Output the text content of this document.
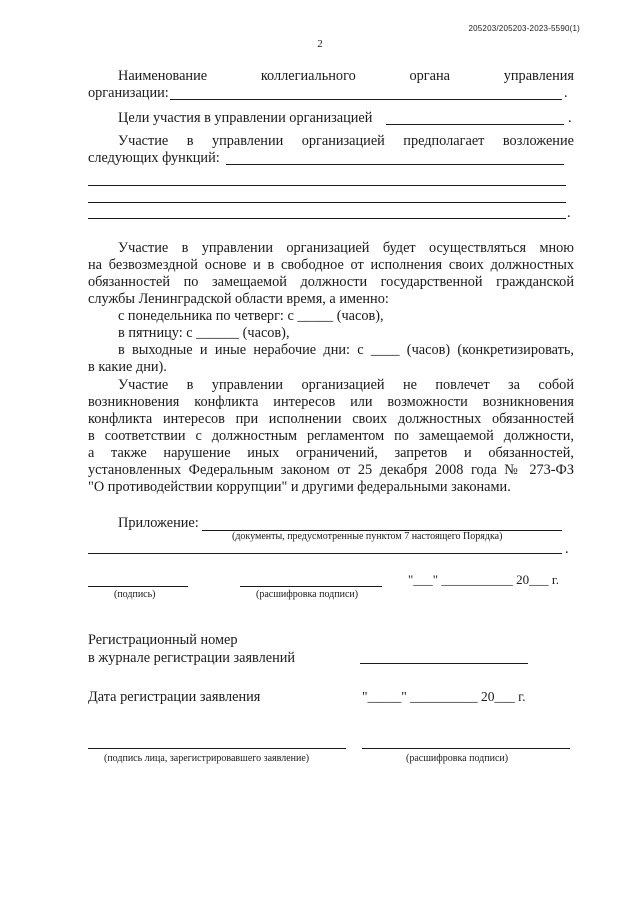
205203/205203-2023-5590(1)
2
Наименование	коллегиального	органа	управления
организации:	.
Цели участия в управлении организацией	.
Участие в управлении организацией предполагает возложение
следующих функций:
.
Участие в управлении организацией будет осуществляться мною
на безвозмездной основе и в свободное от исполнения своих должностных
обязанностей по замещаемой должности государственной гражданской
службы Ленинградской области время, а именно:
с понедельника по четверг: с _____ (часов),
в пятницу: с ______ (часов),
в выходные и иные нерабочие дни: с ____ (часов) (конкретизировать,
в какие дни).
Участие в управлении организацией не повлечет за собой
возникновения конфликта интересов или возможности возникновения
конфликта интересов при исполнении своих должностных обязанностей
в соответствии с должностным регламентом по замещаемой должности,
а также нарушение иных ограничений, запретов и обязанностей,
установленных Федеральным законом от 25 декабря 2008 года № 273-ФЗ
"О противодействии коррупции" и другими федеральными законами.
Приложение:
(документы, предусмотренные пунктом 7 настоящего Порядка)
.
(подпись)	(расшифровка подписи)
"___" ___________ 20___ г.
Регистрационный номер
в журнале регистрации заявлений
Дата регистрации заявления	"_____" __________ 20___ г.
(подпись лица, зарегистрировавшего заявление)	(расшифровка подписи)
